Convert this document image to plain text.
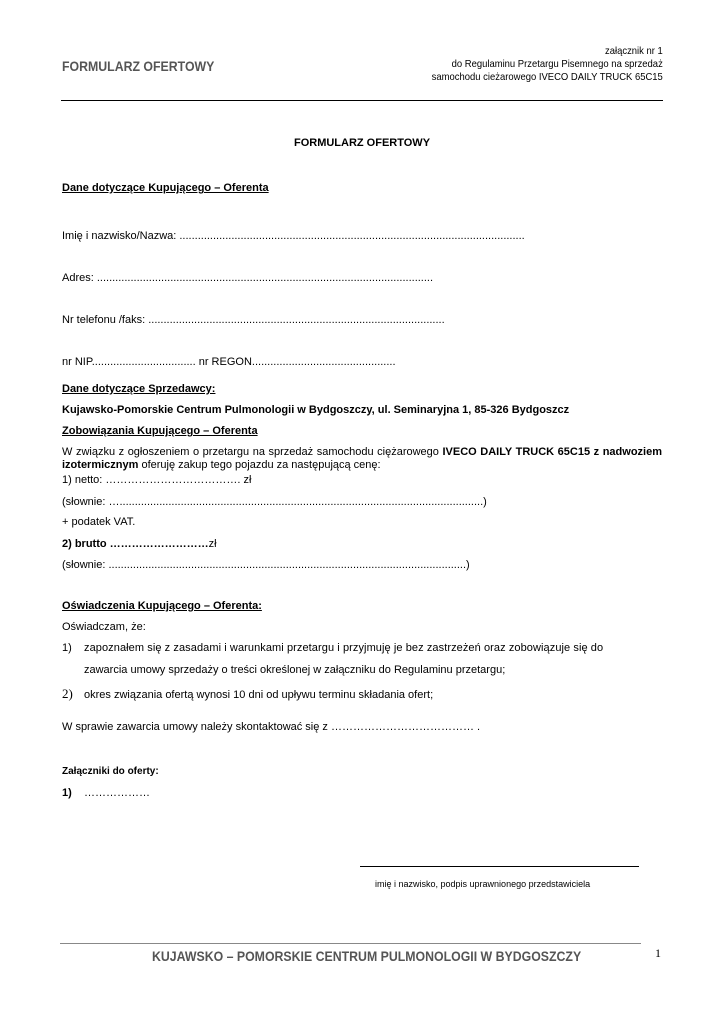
FORMULARZ OFERTOWY
załącznik nr 1
do Regulaminu Przetargu Pisemnego na sprzedaż
samochodu cieżarowego IVECO DAILY TRUCK 65C15
FORMULARZ OFERTOWY
Dane dotyczące Kupującego – Oferenta
Imię i nazwisko/Nazwa: .................................................................................................................
Adres: ..............................................................................................................
Nr telefonu /faks: .................................................................................................
nr NIP.................................. nr REGON...............................................
Dane dotyczące Sprzedawcy:
Kujawsko-Pomorskie Centrum Pulmonologii w Bydgoszczy, ul. Seminaryjna 1, 85-326 Bydgoszcz
Zobowiązania Kupującego – Oferenta
W związku z ogłoszeniem o przetargu na sprzedaż samochodu ciężarowego IVECO DAILY TRUCK 65C15 z nadwoziem izotermicznym oferuję zakup tego pojazdu za następującą cenę:
1) netto: ………………………………. zł
(słownie: ….......................................................................................................................)
+ podatek VAT.
2) brutto ………………………zł
(słownie: .....................................................................................................................)
Oświadczenia Kupującego – Oferenta:
Oświadczam, że:
1) zapoznałem się z zasadami i warunkami przetargu i przyjmuję je bez zastrzeżeń oraz zobowiązuje się do
zawarcia umowy sprzedaży o treści określonej w załączniku do Regulaminu przetargu;
2) okres związania ofertą wynosi 10 dni od upływu terminu składania ofert;
W sprawie zawarcia umowy należy skontaktować się z ………………………………… .
Załączniki do oferty:
1) ………………
imię i nazwisko, podpis uprawnionego przedstawiciela
KUJAWSKO – POMORSKIE CENTRUM PULMONOLOGII W BYDGOSZCZY	1
